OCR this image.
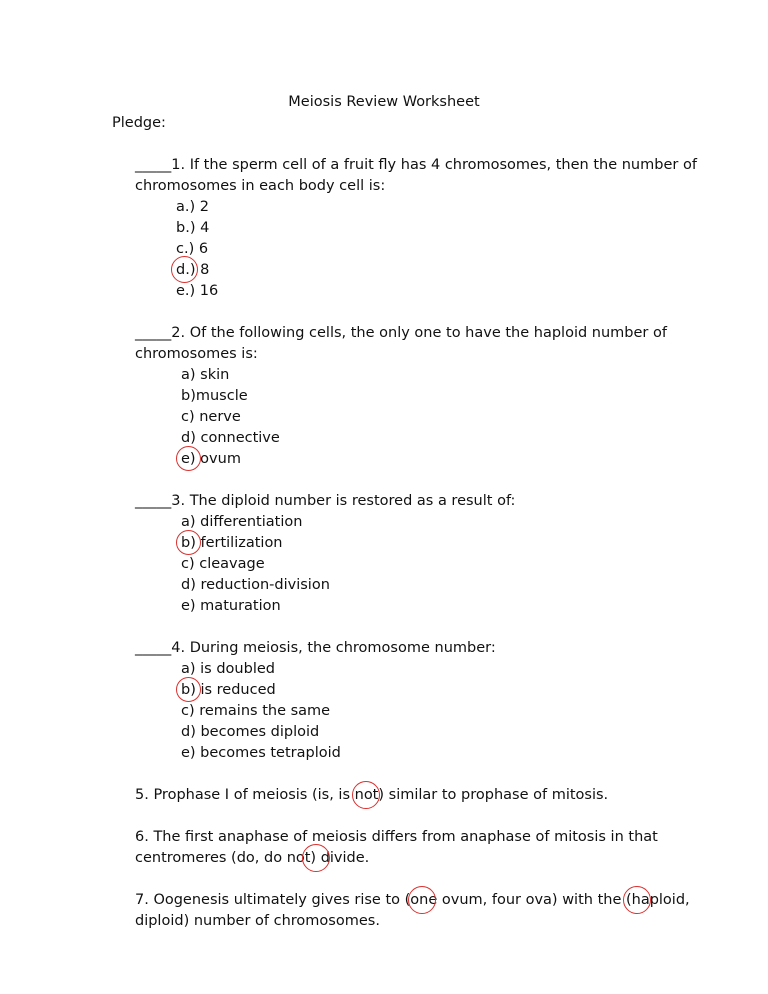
Meiosis Review Worksheet
Pledge:
_____1. If the sperm cell of a fruit fly has 4 chromosomes, then the number of
chromosomes in each body cell is:
a.) 2
b.) 4
c.) 6
d.) 8
e.) 16
_____2. Of the following cells, the only one to have the haploid number of
chromosomes is:
a) skin
b)muscle
c) nerve
d) connective
e) ovum
_____3. The diploid number is restored as a result of:
a) differentiation
b) fertilization
c) cleavage
d) reduction-division
e) maturation
_____4. During meiosis, the chromosome number:
a) is doubled
b) is reduced
c) remains the same
d) becomes diploid
e) becomes tetraploid
5. Prophase I of meiosis (is, is not) similar to prophase of mitosis.
6. The first anaphase of meiosis differs from anaphase of mitosis in that
centromeres (do, do not) divide.
7. Oogenesis ultimately gives rise to (one ovum, four ova) with the (haploid,
diploid) number of chromosomes.
